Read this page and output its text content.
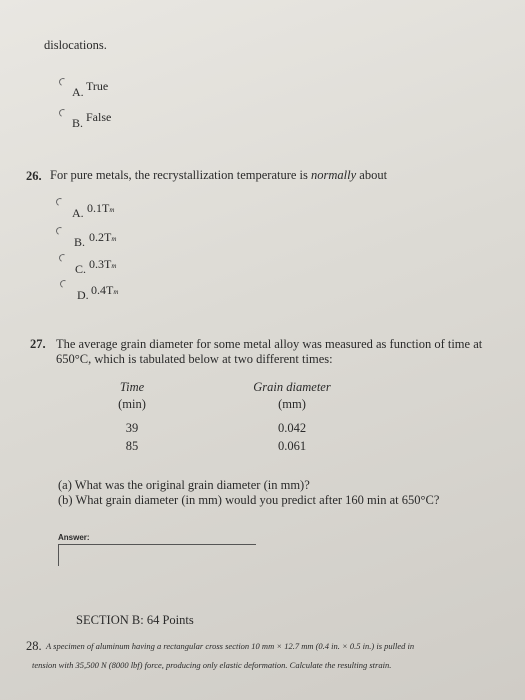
dislocations.
A. True
B. False
26. For pure metals, the recrystallization temperature is normally about
A. 0.1Tm
B. 0.2Tm
C. 0.3Tm
D. 0.4Tm
27. The average grain diameter for some metal alloy was measured as function of time at
650°C, which is tabulated below at two different times:
Time
(min)
Grain diameter
(mm)
39	0.042
85	0.061
(a) What was the original grain diameter (in mm)?
(b) What grain diameter (in mm) would you predict after 160 min at 650°C?
Answer:
SECTION B: 64 Points
28. A specimen of aluminum having a rectangular cross section 10 mm × 12.7 mm (0.4 in. × 0.5 in.) is pulled in
tension with 35,500 N (8000 lbf) force, producing only elastic deformation. Calculate the resulting strain.
